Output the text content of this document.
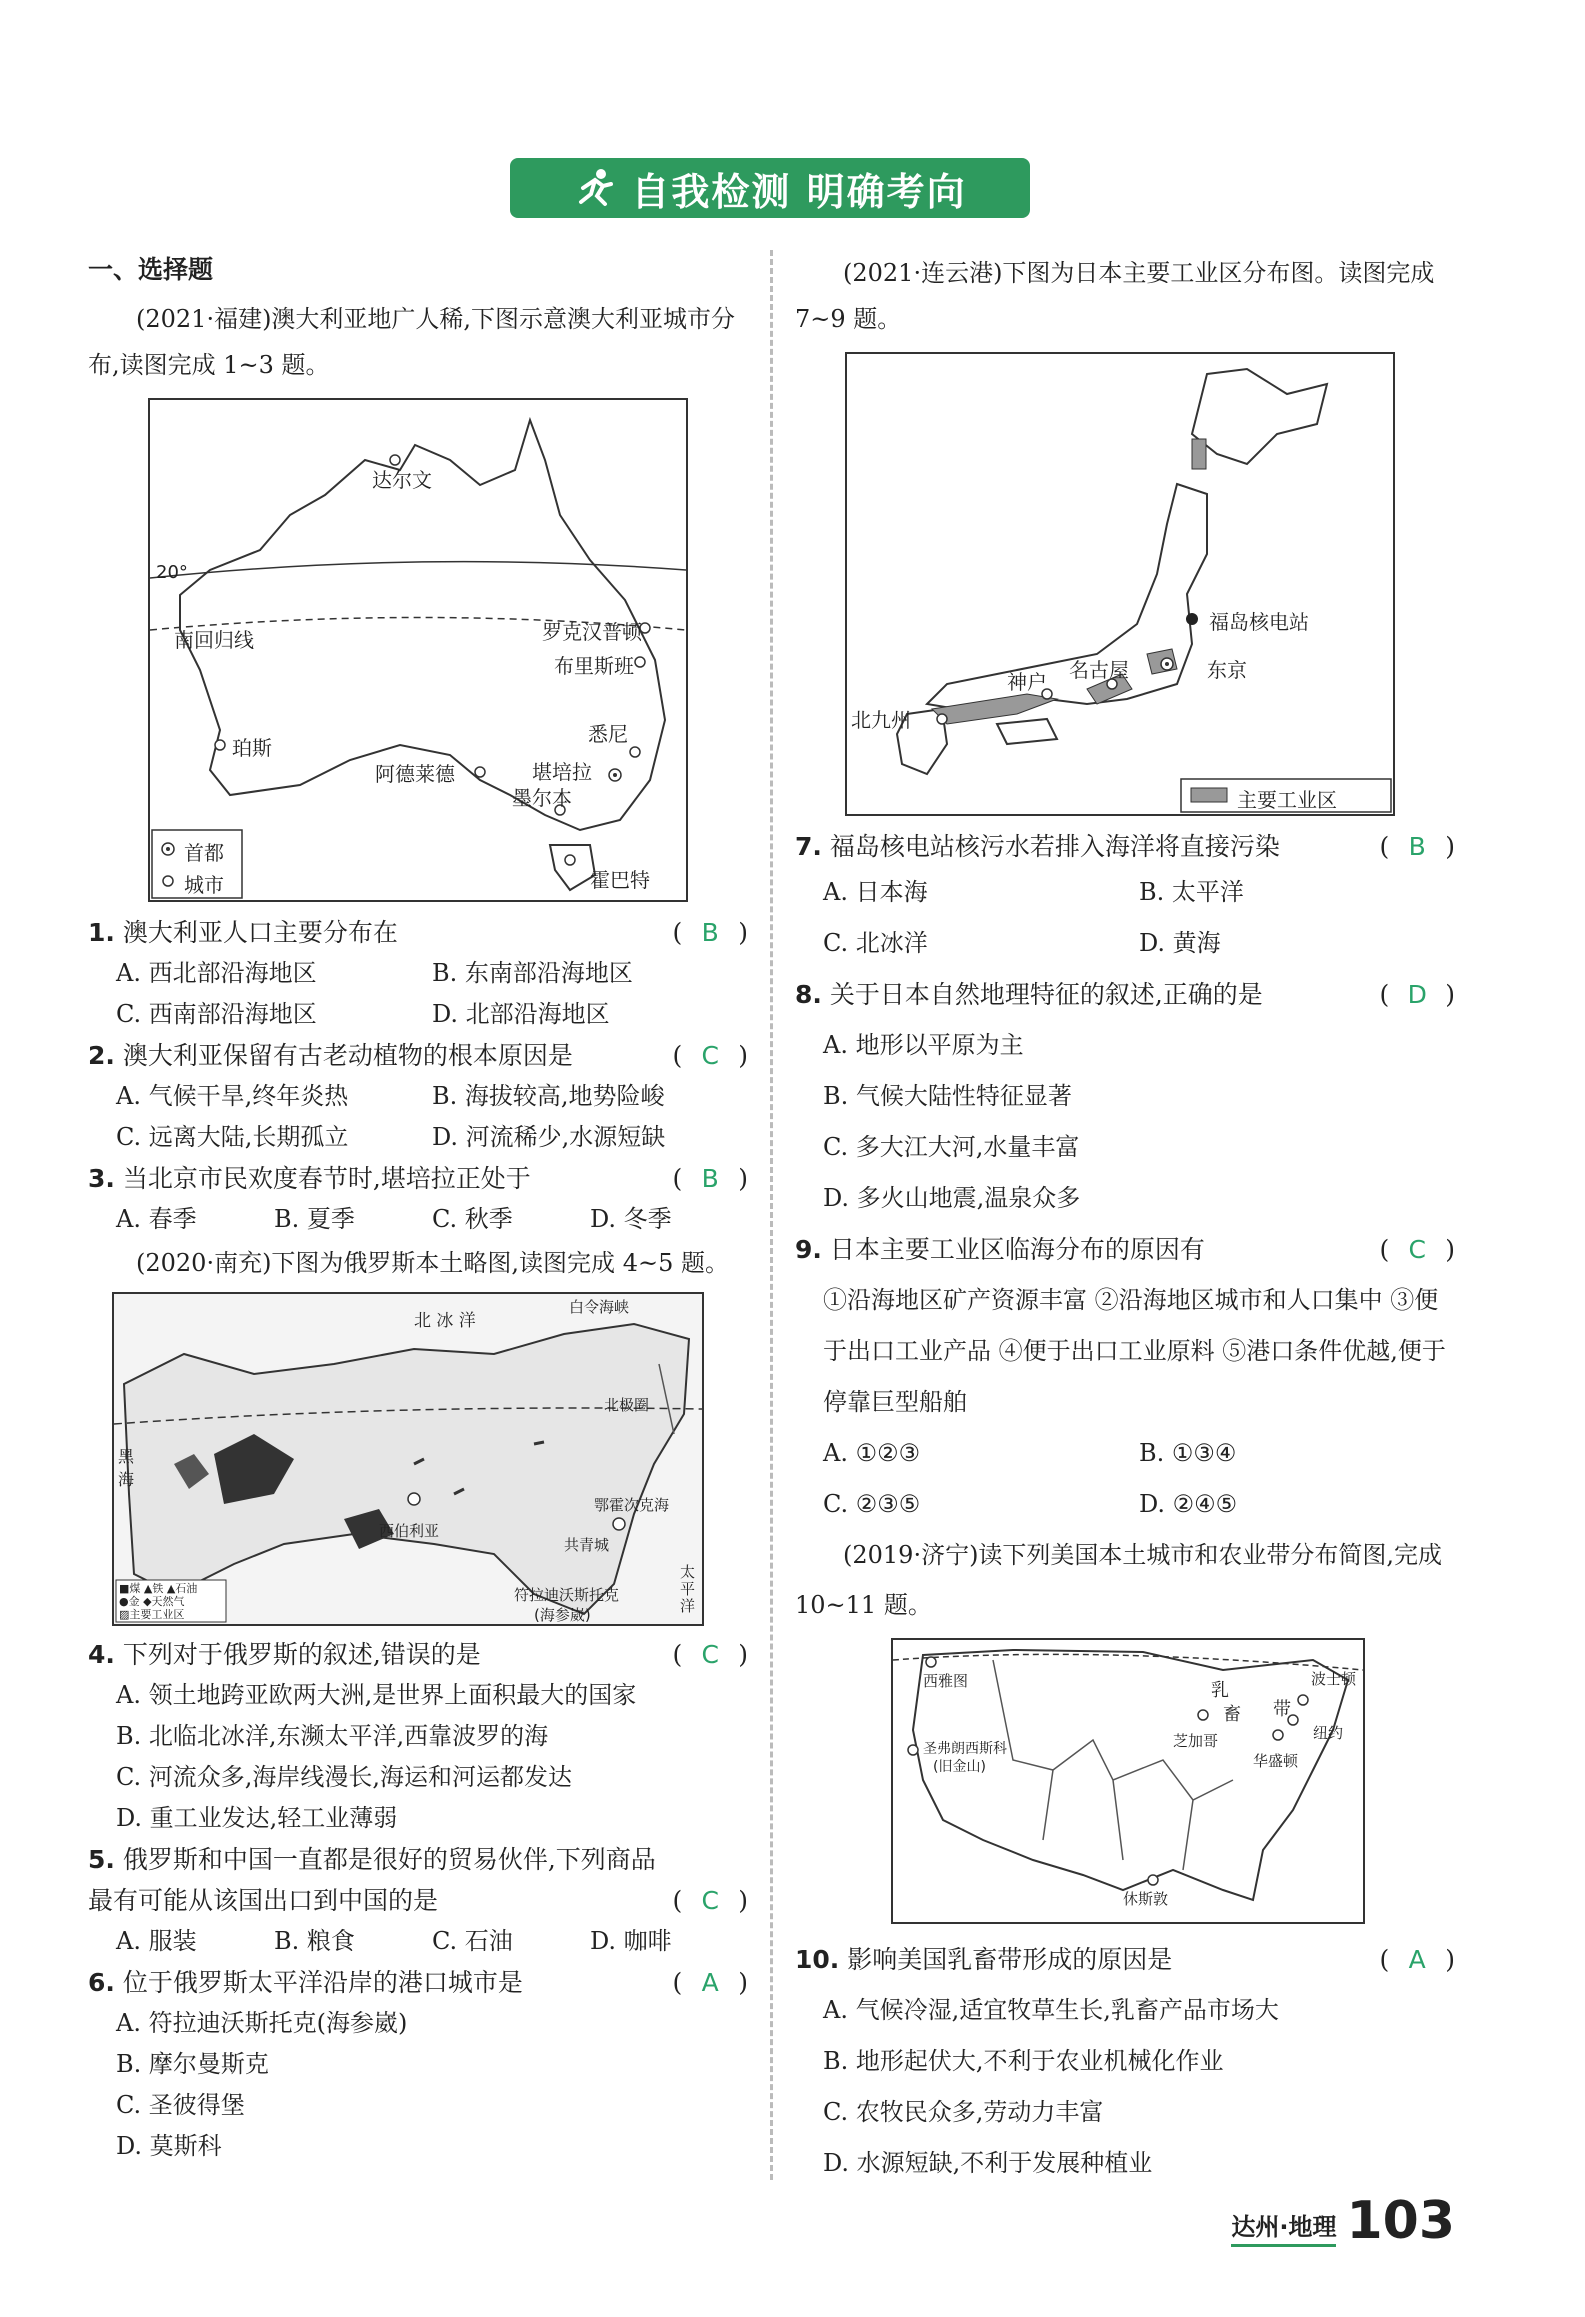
自我检测 明确考向

一、选择题

(2021·福建)澳大利亚地广人稀,下图示意澳大利亚城市分布,读图完成 1~3 题。

达尔文
20°
南回归线	罗克汉普顿
布里斯班
珀斯
悉尼
阿德莱德	堪培拉
墨尔本
霍巴特
首都
城市
1. 澳大利亚人口主要分布在	( B )
A. 西北部沿海地区	B. 东南部沿海地区
C. 西南部沿海地区	D. 北部沿海地区
2. 澳大利亚保留有古老动植物的根本原因是	( C )
A. 气候干旱,终年炎热	B. 海拔较高,地势险峻
C. 远离大陆,长期孤立	D. 河流稀少,水源短缺
3. 当北京市民欢度春节时,堪培拉正处于	( B )
A. 春季	B. 夏季	C. 秋季	D. 冬季

(2020·南充)下图为俄罗斯本土略图,读图完成 4~5 题。

北 冰 洋
白令海峡
黑海
北极圈
鄂霍次克海
太平洋
西伯利亚
符拉迪沃斯托克
(海参崴)
共青城
■煤 ▲铁 ▲石油
●金 ◆天然气
▨主要工业区
4. 下列对于俄罗斯的叙述,错误的是	( C )
A. 领土地跨亚欧两大洲,是世界上面积最大的国家
B. 北临北冰洋,东濒太平洋,西靠波罗的海
C. 河流众多,海岸线漫长,海运和河运都发达
D. 重工业发达,轻工业薄弱
5. 俄罗斯和中国一直都是很好的贸易伙伴,下列商品最有可能从该国出口到中国的是	( C )
A. 服装	B. 粮食	C. 石油	D. 咖啡
6. 位于俄罗斯太平洋沿岸的港口城市是	( A )
A. 符拉迪沃斯托克(海参崴)
B. 摩尔曼斯克
C. 圣彼得堡
D. 莫斯科

(2021·连云港)下图为日本主要工业区分布图。读图完成 7~9 题。

福岛核电站
东京
名古屋
神户
北九州
主要工业区
7. 福岛核电站核污水若排入海洋将直接污染	( B )
A. 日本海	B. 太平洋
C. 北冰洋	D. 黄海
8. 关于日本自然地理特征的叙述,正确的是	( D )
A. 地形以平原为主
B. 气候大陆性特征显著
C. 多大江大河,水量丰富
D. 多火山地震,温泉众多
9. 日本主要工业区临海分布的原因有	( C )
①沿海地区矿产资源丰富 ②沿海地区城市和人口集中 ③便于出口工业产品 ④便于出口工业原料 ⑤港口条件优越,便于停靠巨型船舶
A. ①②③	B. ①③④
C. ②③⑤	D. ②④⑤

(2019·济宁)读下列美国本土城市和农业带分布简图,完成 10~11 题。

西雅图	波士顿
乳
畜 带
芝加哥	纽约
华盛顿
圣弗朗西斯科
(旧金山)
休斯敦
10. 影响美国乳畜带形成的原因是	( A )
A. 气候冷湿,适宜牧草生长,乳畜产品市场大
B. 地形起伏大,不利于农业机械化作业
C. 农牧民众多,劳动力丰富
D. 水源短缺,不利于发展种植业
达州·地理 103
